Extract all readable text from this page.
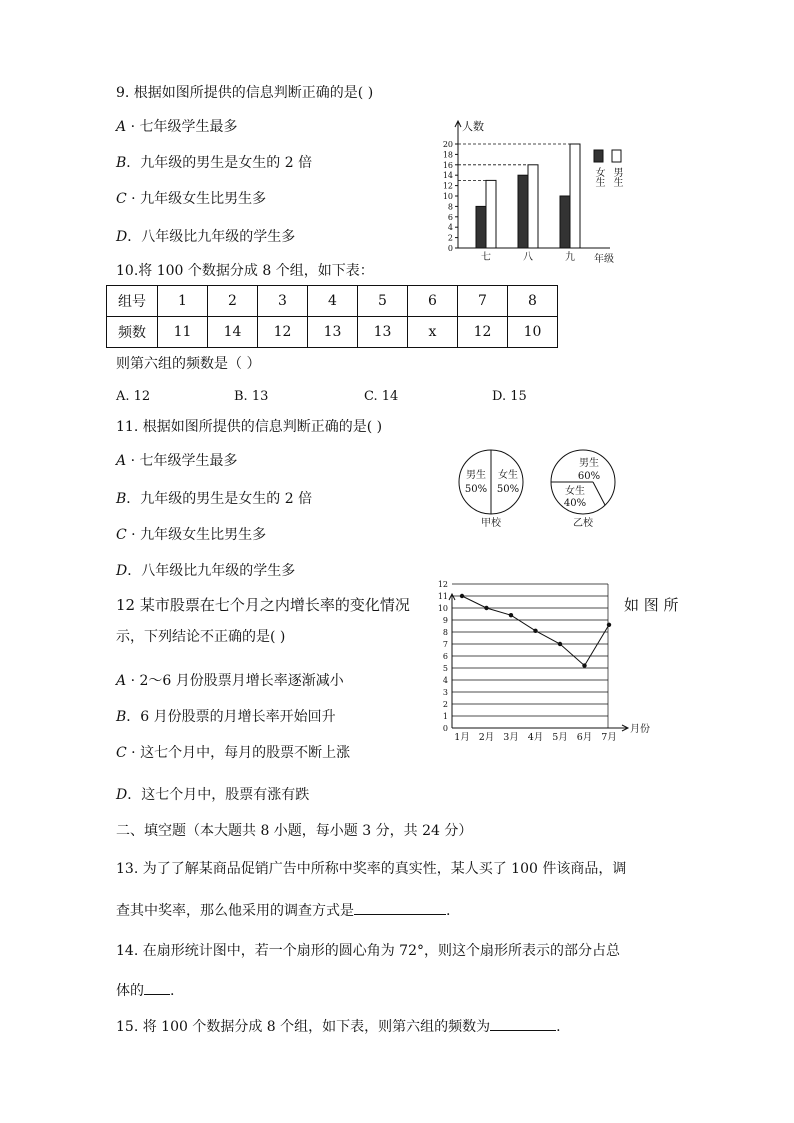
9. 根据如图所提供的信息判断正确的是( )
A · 七年级学生最多
B．九年级的男生是女生的 2 倍
C · 九年级女生比男生多
D．八年级比九年级的学生多
人数
年级
0
2
4
6
8
10
12
14
16
18
20
七	八	九
女生 男生
10.将 100 个数据分成 8 个组，如下表：
组号	1	2	3	4	5	6	7	8
频数	11	14	12	13	13	x	12	10
则第六组的频数是（ ）
A. 12	B. 13	C. 14	D. 15
11. 根据如图所提供的信息判断正确的是( )
A · 七年级学生最多
B．九年级的男生是女生的 2 倍
C · 九年级女生比男生多
D．八年级比九年级的学生多
甲校
男生
50%
女生
50%
乙校
男生
60%
女生
40%
12 某市股票在七个月之内增长率的变化情况	如 图 所
示，下列结论不正确的是( )
A · 2～6 月份股票月增长率逐渐减小
B．6 月份股票的月增长率开始回升
C · 这七个月中，每月的股票不断上涨
D．这七个月中，股票有涨有跌
0
1
2
3
4
5
6
7
8
9
10
11
12
月份
1月 2月 3月 4月 5月 6月 7月
二、填空题（本大题共 8 小题，每小题 3 分，共 24 分）
13. 为了了解某商品促销广告中所称中奖率的真实性，某人买了 100 件该商品，调
查其中奖率，那么他采用的调查方式是	.
14. 在扇形统计图中，若一个扇形的圆心角为 72°，则这个扇形所表示的部分占总
体的 .
15. 将 100 个数据分成 8 个组，如下表，则第六组的频数为	.
